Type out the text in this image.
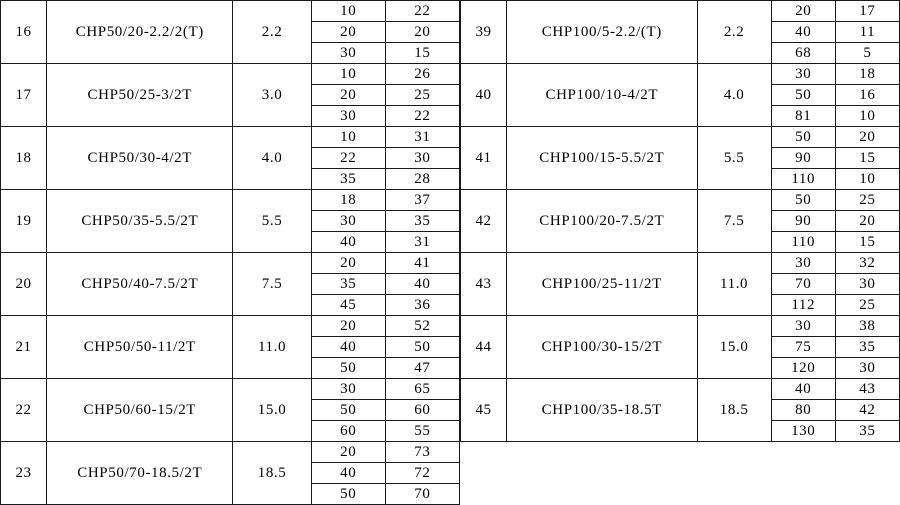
16	CHP50/20-2.2/2(T)	2.2	10	22
			20	20
			30	15
17	CHP50/25-3/2T	3.0	10	26
			20	25
			30	22
18	CHP50/30-4/2T	4.0	10	31
			22	30
			35	28
19	CHP50/35-5.5/2T	5.5	18	37
			30	35
			40	31
20	CHP50/40-7.5/2T	7.5	20	41
			35	40
			45	36
21	CHP50/50-11/2T	11.0	20	52
			40	50
			50	47
22	CHP50/60-15/2T	15.0	30	65
			50	60
			60	55
23	CHP50/70-18.5/2T	18.5	20	73
			40	72
			50	70
39	CHP100/5-2.2/(T)	2.2	20	17
			40	11
			68	5
40	CHP100/10-4/2T	4.0	30	18
			50	16
			81	10
41	CHP100/15-5.5/2T	5.5	50	20
			90	15
			110	10
42	CHP100/20-7.5/2T	7.5	50	25
			90	20
			110	15
43	CHP100/25-11/2T	11.0	30	32
			70	30
			112	25
44	CHP100/30-15/2T	15.0	30	38
			75	35
			120	30
45	CHP100/35-18.5T	18.5	40	43
			80	42
			130	35
